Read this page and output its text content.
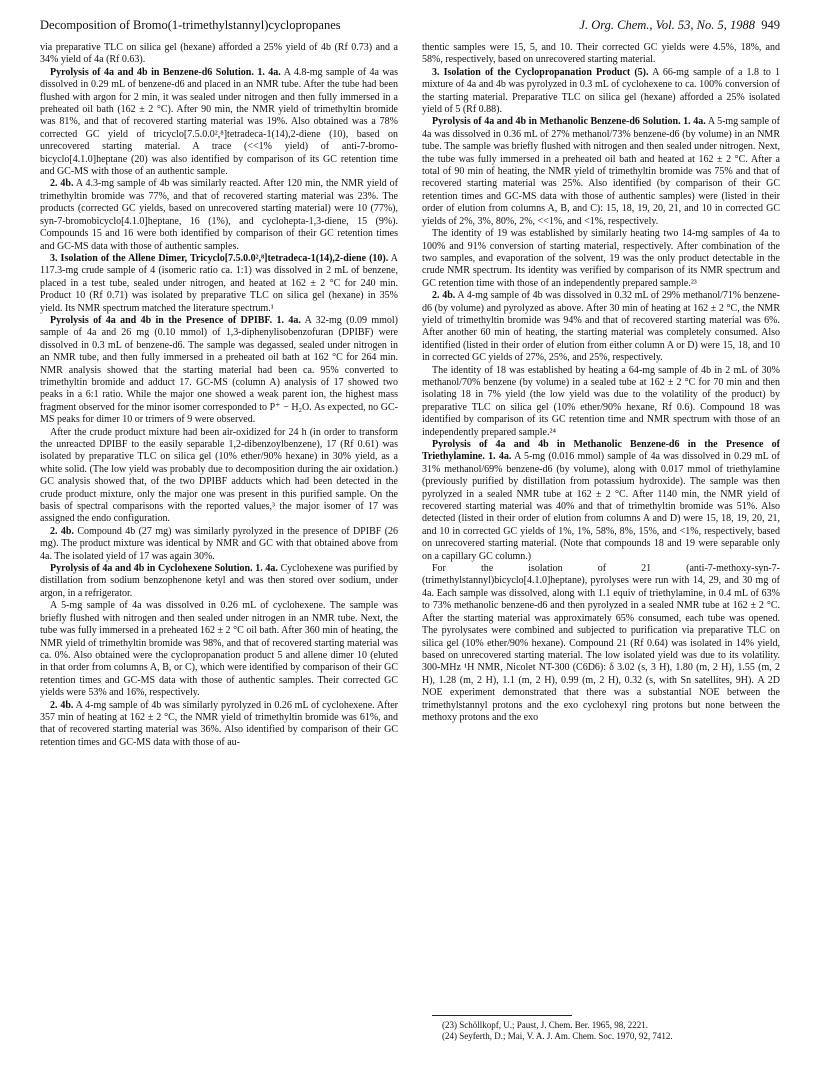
Decomposition of Bromo(1-trimethylstannyl)cyclopropanes	J. Org. Chem., Vol. 53, No. 5, 1988 949

via preparative TLC on silica gel (hexane) afforded a 25% yield of 4b (Rf 0.73) and a 34% yield of 4a (Rf 0.63).

Pyrolysis of 4a and 4b in Benzene-d6 Solution. 1. 4a. A 4.8-mg sample of 4a was dissolved in 0.29 mL of benzene-d6 and placed in an NMR tube. After the tube had been flushed with argon for 2 min, it was sealed under nitrogen and then fully immersed in a preheated oil bath (162 ± 2 °C). After 90 min, the NMR yield of trimethyltin bromide was 81%, and that of recovered starting material was 19%. Also obtained was a 78% corrected GC yield of tricyclo[7.5.0.0²,⁸]tetradeca-1(14),2-diene (10), based on unrecovered starting material. A trace (<<1% yield) of anti-7-bromo-bicyclo[4.1.0]heptane (20) was also identified by comparison of its GC retention time and GC-MS with those of an authentic sample.

2. 4b. A 4.3-mg sample of 4b was similarly reacted. After 120 min, the NMR yield of trimethyltin bromide was 77%, and that of recovered starting material was 23%. The products (corrected GC yields, based on unrecovered starting material) were 10 (77%), syn-7-bromobicyclo[4.1.0]heptane, 16 (1%), and cyclohepta-1,3-diene, 15 (9%). Compounds 15 and 16 were both identified by comparison of their GC retention times and GC-MS data with those of authentic samples.

3. Isolation of the Allene Dimer, Tricyclo[7.5.0.0²,⁸]tetradeca-1(14),2-diene (10). A 117.3-mg crude sample of 4 (isomeric ratio ca. 1:1) was dissolved in 2 mL of benzene, placed in a test tube, sealed under nitrogen, and heated at 162 ± 2 °C for 240 min. Product 10 (Rf 0.71) was isolated by preparative TLC on silica gel (hexane) in 35% yield. Its NMR spectrum matched the literature spectrum.¹

Pyrolysis of 4a and 4b in the Presence of DPIBF. 1. 4a. A 32-mg (0.09 mmol) sample of 4a and 26 mg (0.10 mmol) of 1,3-diphenylisobenzofuran (DPIBF) were dissolved in 0.3 mL of benzene-d6. The sample was degassed, sealed under nitrogen in an NMR tube, and then fully immersed in a preheated oil bath at 162 °C for 264 min. NMR analysis showed that the starting material had been ca. 95% converted to trimethyltin bromide and adduct 17. GC-MS (column A) analysis of 17 showed two peaks in a 6:1 ratio. While the major one showed a weak parent ion, the highest mass fragment observed for the minor isomer corresponded to P⁺ − H₂O. As expected, no GC-MS peaks for dimer 10 or trimers of 9 were observed.

After the crude product mixture had been air-oxidized for 24 h (in order to transform the unreacted DPIBF to the easily separable 1,2-dibenzoylbenzene), 17 (Rf 0.61) was isolated by preparative TLC on silica gel (10% ether/90% hexane) in 30% yield, as a white solid. (The low yield was probably due to decomposition during the air oxidation.) GC analysis showed that, of the two DPIBF adducts which had been detected in the crude product mixture, only the major one was present in this purified sample. On the basis of spectral comparisons with the reported values,³ the major isomer of 17 was assigned the endo configuration.

2. 4b. Compound 4b (27 mg) was similarly pyrolyzed in the presence of DPIBF (26 mg). The product mixture was identical by NMR and GC with that obtained above from 4a. The isolated yield of 17 was again 30%.

Pyrolysis of 4a and 4b in Cyclohexene Solution. 1. 4a. Cyclohexene was purified by distillation from sodium benzophenone ketyl and was then stored over sodium, under argon, in a refrigerator.

A 5-mg sample of 4a was dissolved in 0.26 mL of cyclohexene. The sample was briefly flushed with nitrogen and then sealed under nitrogen in an NMR tube. Next, the tube was fully immersed in a preheated 162 ± 2 °C oil bath. After 360 min of heating, the NMR yield of trimethyltin bromide was 98%, and that of recovered starting material was ca. 0%. Also obtained were the cyclopropanation product 5 and allene dimer 10 (eluted in that order from columns A, B, or C), which were identified by comparison of their GC retention times and GC-MS data with those of authentic samples. Their corrected GC yields were 53% and 16%, respectively.

2. 4b. A 4-mg sample of 4b was similarly pyrolyzed in 0.26 mL of cyclohexene. After 357 min of heating at 162 ± 2 °C, the NMR yield of trimethyltin bromide was 61%, and that of recovered starting material was 36%. Also identified by comparison of their GC retention times and GC-MS data with those of au-

thentic samples were 15, 5, and 10. Their corrected GC yields were 4.5%, 18%, and 58%, respectively, based on unrecovered starting material.

3. Isolation of the Cyclopropanation Product (5). A 66-mg sample of a 1.8 to 1 mixture of 4a and 4b was pyrolyzed in 0.3 mL of cyclohexene to ca. 100% conversion of the starting material. Preparative TLC on silica gel (hexane) afforded a 25% isolated yield of 5 (Rf 0.88).

Pyrolysis of 4a and 4b in Methanolic Benzene-d6 Solution. 1. 4a. A 5-mg sample of 4a was dissolved in 0.36 mL of 27% methanol/73% benzene-d6 (by volume) in an NMR tube. The sample was briefly flushed with nitrogen and then sealed under nitrogen. Next, the tube was fully immersed in a preheated oil bath and heated at 162 ± 2 °C. After a total of 90 min of heating, the NMR yield of trimethyltin bromide was 75% and that of recovered starting material was 25%. Also identified (by comparison of their GC retention times and GC-MS data with those of authentic samples) were (listed in their order of elution from columns A, B, and C): 15, 18, 19, 20, 21, and 10 in corrected GC yields of 2%, 3%, 80%, 2%, <<1%, and <1%, respectively.

The identity of 19 was established by similarly heating two 14-mg samples of 4a to 100% and 91% conversion of starting material, respectively. After combination of the two samples, and evaporation of the solvent, 19 was the only product detectable in the crude NMR spectrum. Its identity was verified by comparison of its NMR spectrum and GC retention time with those of an independently prepared sample.²³

2. 4b. A 4-mg sample of 4b was dissolved in 0.32 mL of 29% methanol/71% benzene-d6 (by volume) and pyrolyzed as above. After 30 min of heating at 162 ± 2 °C, the NMR yield of trimethyltin bromide was 94% and that of recovered starting material was 6%. After another 60 min of heating, the starting material was completely consumed. Also identified (listed in their order of elution from either column A or D) were 15, 18, and 10 in corrected GC yields of 27%, 25%, and 25%, respectively.

The identity of 18 was established by heating a 64-mg sample of 4b in 2 mL of 30% methanol/70% benzene (by volume) in a sealed tube at 162 ± 2 °C for 70 min and then isolating 18 in 7% yield (the low yield was due to the volatility of the product) by preparative TLC on silica gel (10% ether/90% hexane, Rf 0.6). Compound 18 was identified by comparison of its GC retention time and NMR spectrum with those of an independently prepared sample.²⁴

Pyrolysis of 4a and 4b in Methanolic Benzene-d6 in the Presence of Triethylamine. 1. 4a. A 5-mg (0.016 mmol) sample of 4a was dissolved in 0.29 mL of 31% methanol/69% benzene-d6 (by volume), along with 0.017 mmol of triethylamine (previously purified by distillation from potassium hydroxide). The sample was then pyrolyzed in a sealed NMR tube at 162 ± 2 °C. After 1140 min, the NMR yield of recovered starting material was 40% and that of trimethyltin bromide was 51%. Also detected (listed in their order of elution from columns A and D) were 15, 18, 19, 20, 21, and 10 in corrected GC yields of 1%, 1%, 58%, 8%, 15%, and <1%, respectively, based on unrecovered starting material. (Note that compounds 18 and 19 were separable only on a capillary GC column.)

For the isolation of 21 (anti-7-methoxy-syn-7-(trimethylstannyl)bicyclo[4.1.0]heptane), pyrolyses were run with 14, 29, and 30 mg of 4a. Each sample was dissolved, along with 1.1 equiv of triethylamine, in 0.4 mL of 63% to 73% methanolic benzene-d6 and then pyrolyzed in a sealed NMR tube at 162 ± 2 °C. After the starting material was approximately 65% consumed, each tube was opened. The pyrolysates were combined and subjected to purification via preparative TLC on silica gel (10% ether/90% hexane). Compound 21 (Rf 0.64) was isolated in 14% yield, based on unrecovered starting material. The low isolated yield was due to its volatility. 300-MHz ¹H NMR, Nicolet NT-300 (C6D6): δ 3.02 (s, 3 H), 1.80 (m, 2 H), 1.55 (m, 2 H), 1.28 (m, 2 H), 1.1 (m, 2 H), 0.99 (m, 2 H), 0.32 (s, with Sn satellites, 9H). A 2D NOE experiment demonstrated that there was a substantial NOE between the trimethylstannyl protons and the exo cyclohexyl ring protons but none between the methoxy protons and the exo

(23) Schöllkopf, U.; Paust, J. Chem. Ber. 1965, 98, 2221.
(24) Seyferth, D.; Mai, V. A. J. Am. Chem. Soc. 1970, 92, 7412.
